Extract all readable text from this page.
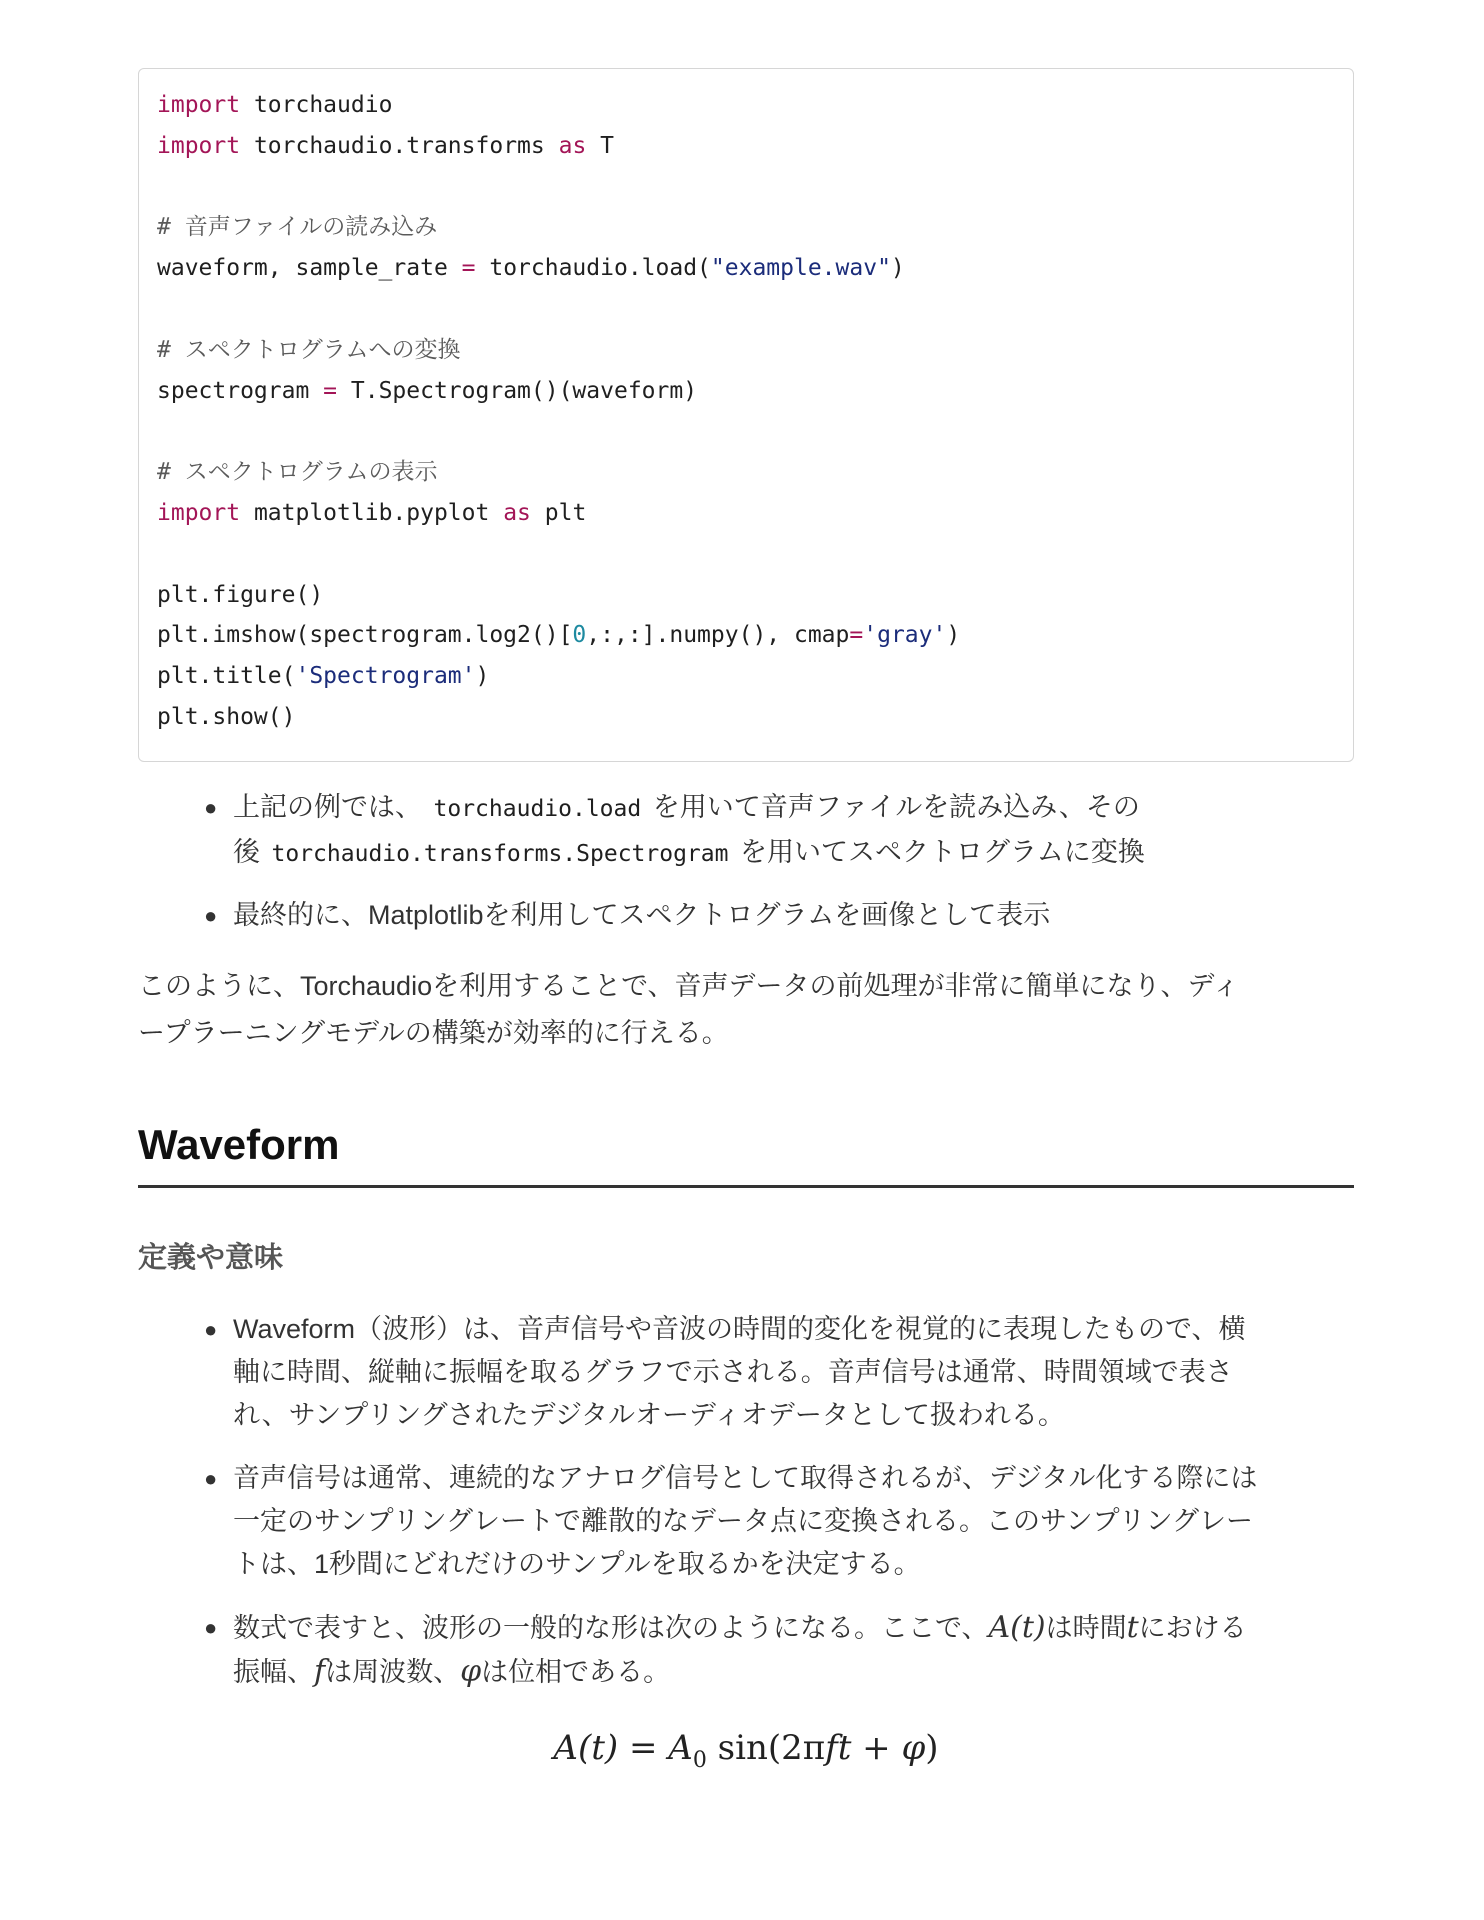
import torchaudio
import torchaudio.transforms as T
# 音声ファイルの読み込み
waveform, sample_rate = torchaudio.load("example.wav")
# スペクトログラムへの変換
spectrogram = T.Spectrogram()(waveform)
# スペクトログラムの表示
import matplotlib.pyplot as plt
plt.figure()
plt.imshow(spectrogram.log2()[0,:,:].numpy(), cmap='gray')
plt.title('Spectrogram')
plt.show()
● 上記の例では、 torchaudio.load を用いて音声ファイルを読み込み、その
後 torchaudio.transforms.Spectrogram を用いてスペクトログラムに変換
● 最終的に、Matplotlibを利用してスペクトログラムを画像として表示

このように、Torchaudioを利用することで、音声データの前処理が非常に簡単になり、ディ
ープラーニングモデルの構築が効率的に行える。

Waveform
定義や意味
● Waveform（波形）は、音声信号や音波の時間的変化を視覚的に表現したもので、横
軸に時間、縦軸に振幅を取るグラフで示される。音声信号は通常、時間領域で表さ
れ、サンプリングされたデジタルオーディオデータとして扱われる。
● 音声信号は通常、連続的なアナログ信号として取得されるが、デジタル化する際には
一定のサンプリングレートで離散的なデータ点に変換される。このサンプリングレー
トは、1秒間にどれだけのサンプルを取るかを決定する。
● 数式で表すと、波形の一般的な形は次のようになる。ここで、A(t)は時間tにおける
振幅、fは周波数、φは位相である。
$A(t) = A_0$ sin(2πft + φ)
